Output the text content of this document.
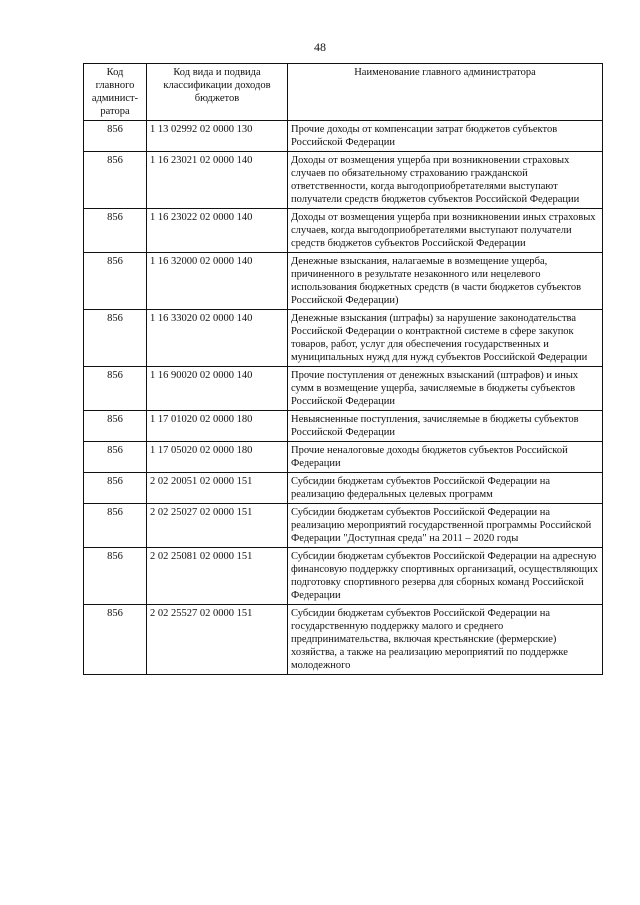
48
Код главного админист-ратора	Код вида и подвида классификации доходов бюджетов	Наименование главного администратора
856	1 13 02992 02 0000 130	Прочие доходы от компенсации затрат бюджетов субъектов Российской Федерации
856	1 16 23021 02 0000 140	Доходы от возмещения ущерба при возникновении страховых случаев по обязательному страхованию гражданской ответственности, когда выгодоприобретателями выступают получатели средств бюджетов субъектов Российской Федерации
856	1 16 23022 02 0000 140	Доходы от возмещения ущерба при возникновении иных страховых случаев, когда выгодоприобретателями выступают получатели средств бюджетов субъектов Российской Федерации
856	1 16 32000 02 0000 140	Денежные взыскания, налагаемые в возмещение ущерба, причиненного в результате незаконного или нецелевого использования бюджетных средств (в части бюджетов субъектов Российской Федерации)
856	1 16 33020 02 0000 140	Денежные взыскания (штрафы) за нарушение законодательства Российской Федерации о контрактной системе в сфере закупок товаров, работ, услуг для обеспечения государственных и муниципальных нужд для нужд субъектов Российской Федерации
856	1 16 90020 02 0000 140	Прочие поступления от денежных взысканий (штрафов) и иных сумм в возмещение ущерба, зачисляемые в бюджеты субъектов Российской Федерации
856	1 17 01020 02 0000 180	Невыясненные поступления, зачисляемые в бюджеты субъектов Российской Федерации
856	1 17 05020 02 0000 180	Прочие неналоговые доходы бюджетов субъектов Российской Федерации
856	2 02 20051 02 0000 151	Субсидии бюджетам субъектов Российской Федерации на реализацию федеральных целевых программ
856	2 02 25027 02 0000 151	Субсидии бюджетам субъектов Российской Федерации на реализацию мероприятий государственной программы Российской Федерации "Доступная среда" на 2011 – 2020 годы
856	2 02 25081 02 0000 151	Субсидии бюджетам субъектов Российской Федерации на адресную финансовую поддержку спортивных организаций, осуществляющих подготовку спортивного резерва для сборных команд Российской Федерации
856	2 02 25527 02 0000 151	Субсидии бюджетам субъектов Российской Федерации на государственную поддержку малого и среднего предпринимательства, включая крестьянские (фермерские) хозяйства, а также на реализацию мероприятий по поддержке молодежного
